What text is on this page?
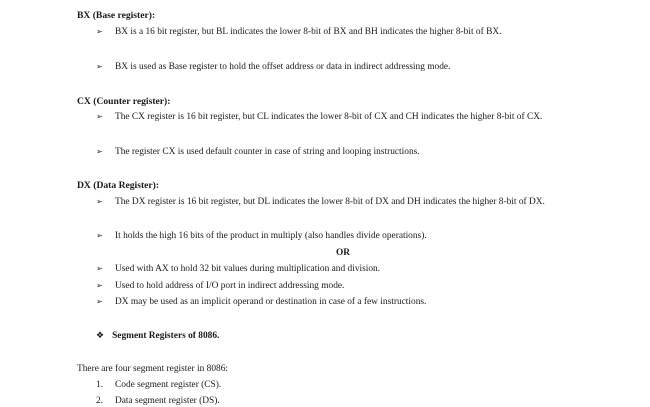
BX (Base register):
➢	BX is a 16 bit register, but BL indicates the lower 8-bit of BX and BH indicates the higher 8-bit of BX.
➢	BX is used as Base register to hold the offset address or data in indirect addressing mode.
CX (Counter register):
➢	The CX register is 16 bit register, but CL indicates the lower 8-bit of CX and CH indicates the higher 8-bit of CX.
➢	The register CX is used default counter in case of string and looping instructions.
DX (Data Register):
➢	The DX register is 16 bit register, but DL indicates the lower 8-bit of DX and DH indicates the higher 8-bit of DX.
➢	It holds the high 16 bits of the product in multiply (also handles divide operations).
OR
➢	Used with AX to hold 32 bit values during multiplication and division.
➢	Used to hold address of I/O port in indirect addressing mode.
➢	DX may be used as an implicit operand or destination in case of a few instructions.
❖ Segment Registers of 8086.
There are four segment register in 8086:
1. Code segment register (CS).
2. Data segment register (DS).
